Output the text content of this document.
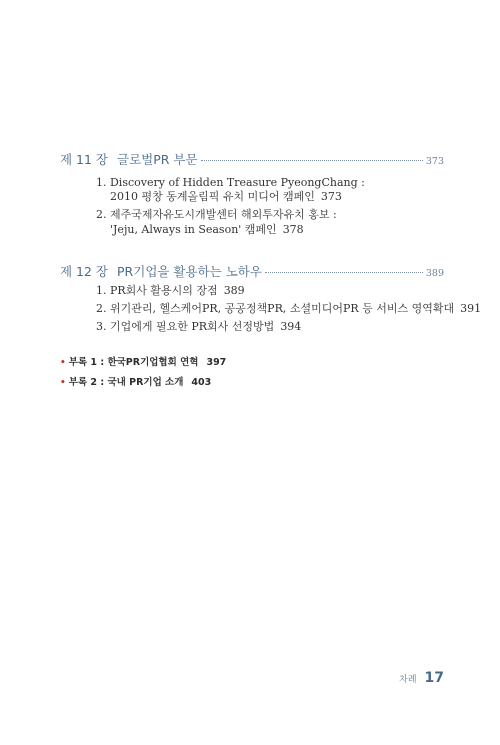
제 11 장 글로벌PR 부문	373
1. Discovery of Hidden Treasure PyeongChang :
2010 평창 동계올림픽 유치 미디어 캠페인 373
2. 제주국제자유도시개발센터 해외투자유치 홍보 :
'Jeju, Always in Season' 캠페인 378
제 12 장 PR기업을 활용하는 노하우	389
1. PR회사 활용시의 장점 389
2. 위기관리, 헬스케어PR, 공공정책PR, 소셜미디어PR 등 서비스 영역확대 391
3. 기업에게 필요한 PR회사 선정방법 394
• 부록 1 : 한국PR기업협회 연혁 397
• 부록 2 : 국내 PR기업 소개 403
차례 17
